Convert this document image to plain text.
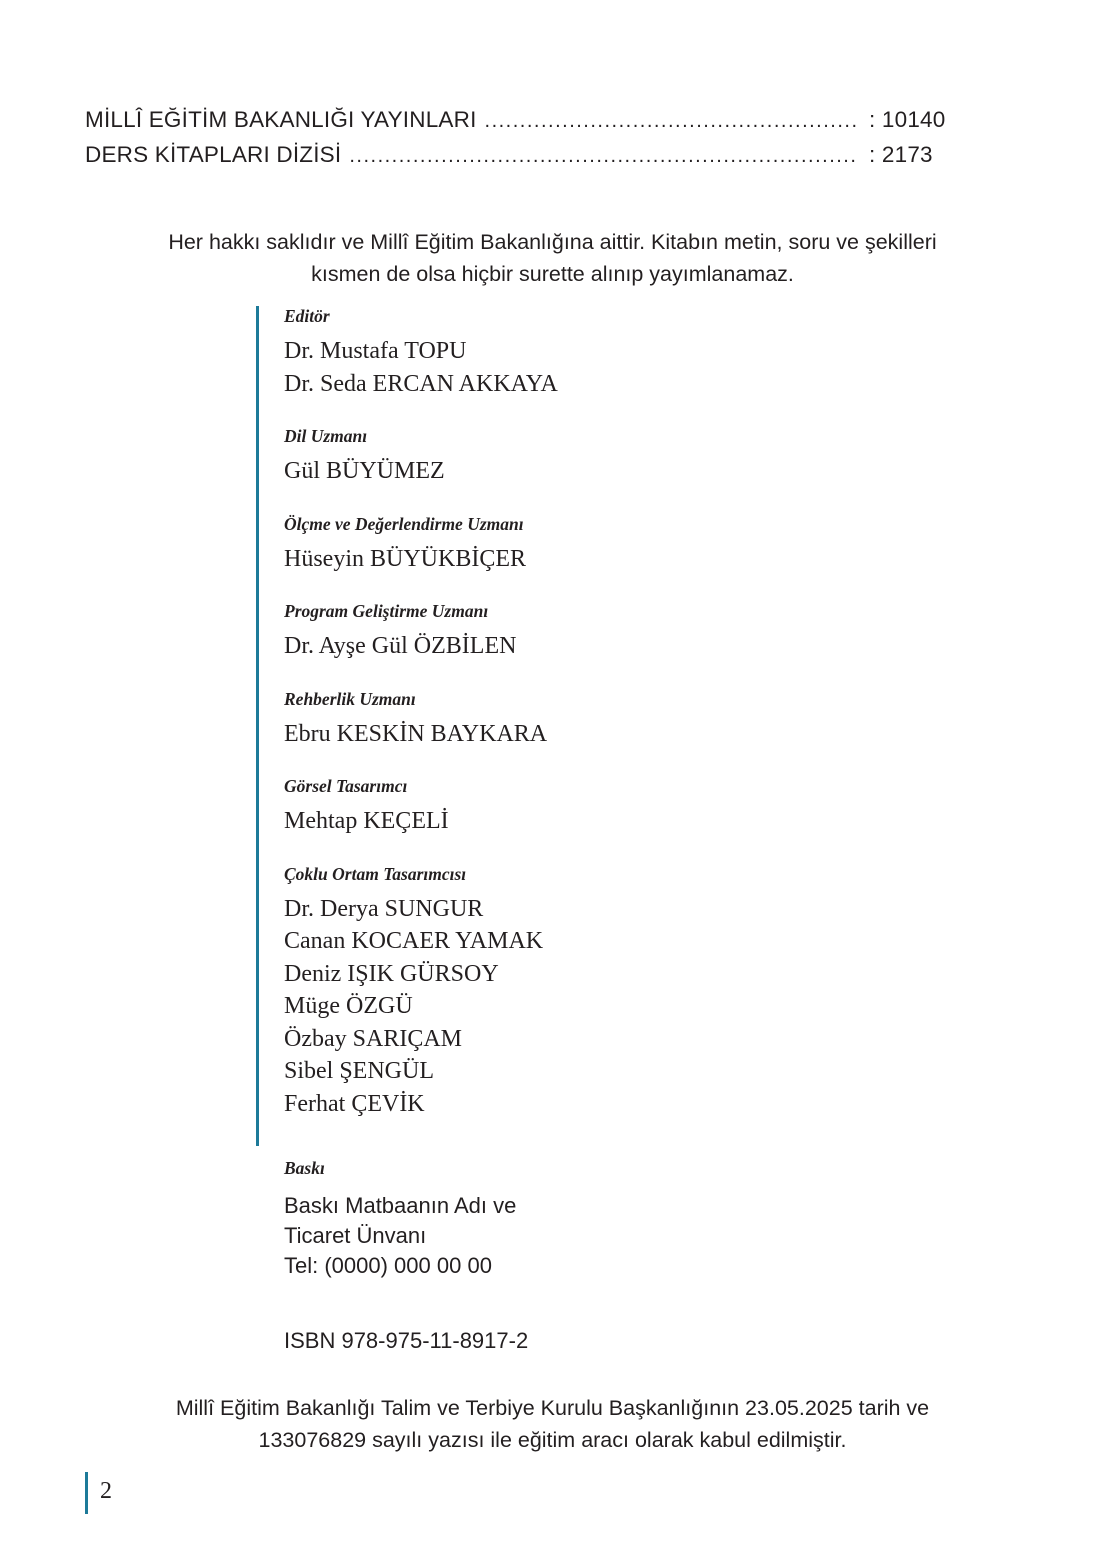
MİLLÎ EĞİTİM BAKANLIĞI YAYINLARI .....	: 10140
DERS KİTAPLARI DİZİSİ .....	: 2173
Her hakkı saklıdır ve Millî Eğitim Bakanlığına aittir. Kitabın metin, soru ve şekilleri
kısmen de olsa hiçbir surette alınıp yayımlanamaz.
Editör
Dr. Mustafa TOPU
Dr. Seda ERCAN AKKAYA
Dil Uzmanı
Gül BÜYÜMEZ
Ölçme ve Değerlendirme Uzmanı
Hüseyin BÜYÜKBİÇER
Program Geliştirme Uzmanı
Dr. Ayşe Gül ÖZBİLEN
Rehberlik Uzmanı
Ebru KESKİN BAYKARA
Görsel Tasarımcı
Mehtap KEÇELİ
Çoklu Ortam Tasarımcısı
Dr. Derya SUNGUR
Canan KOCAER YAMAK
Deniz IŞIK GÜRSOY
Müge ÖZGÜ
Özbay SARIÇAM
Sibel ŞENGÜL
Ferhat ÇEVİK
Baskı
Baskı Matbaanın Adı ve
Ticaret Ünvanı
Tel: (0000) 000 00 00
ISBN 978-975-11-8917-2
Millî Eğitim Bakanlığı Talim ve Terbiye Kurulu Başkanlığının 23.05.2025 tarih ve
133076829 sayılı yazısı ile eğitim aracı olarak kabul edilmiştir.
2
